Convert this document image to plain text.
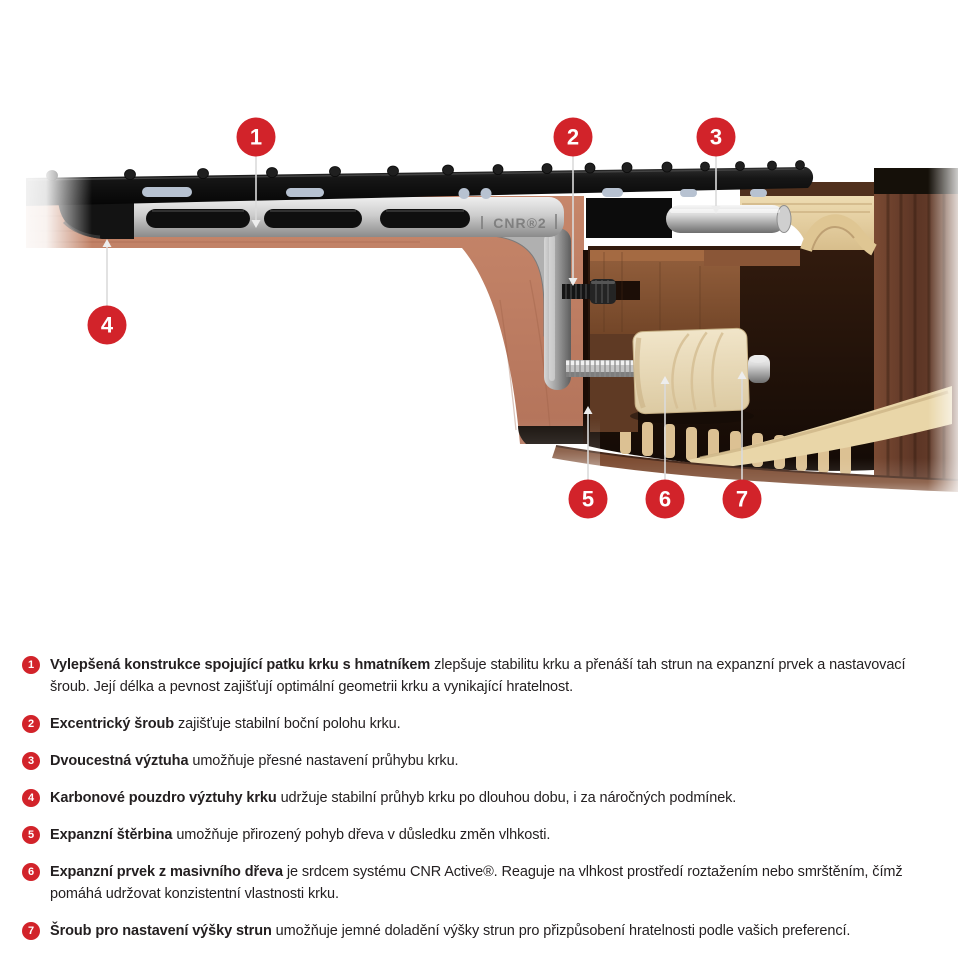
CNR®2
1	2	3
4
5	6	7
1	Vylepšená konstrukce spojující patku krku s hmatníkem zlepšuje stabilitu krku a přenáší tah strun na expanzní prvek a nastavovací šroub. Její délka a pevnost zajišťují optimální geometrii krku a vynikající hratelnost.

2	Excentrický šroub zajišťuje stabilní boční polohu krku.

3	Dvoucestná výztuha umožňuje přesné nastavení průhybu krku.

4	Karbonové pouzdro výztuhy krku udržuje stabilní průhyb krku po dlouhou dobu, i za náročných podmínek.

5	Expanzní štěrbina umožňuje přirozený pohyb dřeva v důsledku změn vlhkosti.

6	Expanzní prvek z masivního dřeva je srdcem systému CNR Active®. Reaguje na vlhkost prostředí roztažením nebo smrštěním, čímž pomáhá udržovat konzistentní vlastnosti krku.

7	Šroub pro nastavení výšky strun umožňuje jemné doladění výšky strun pro přizpůsobení hratelnosti podle vašich preferencí.
